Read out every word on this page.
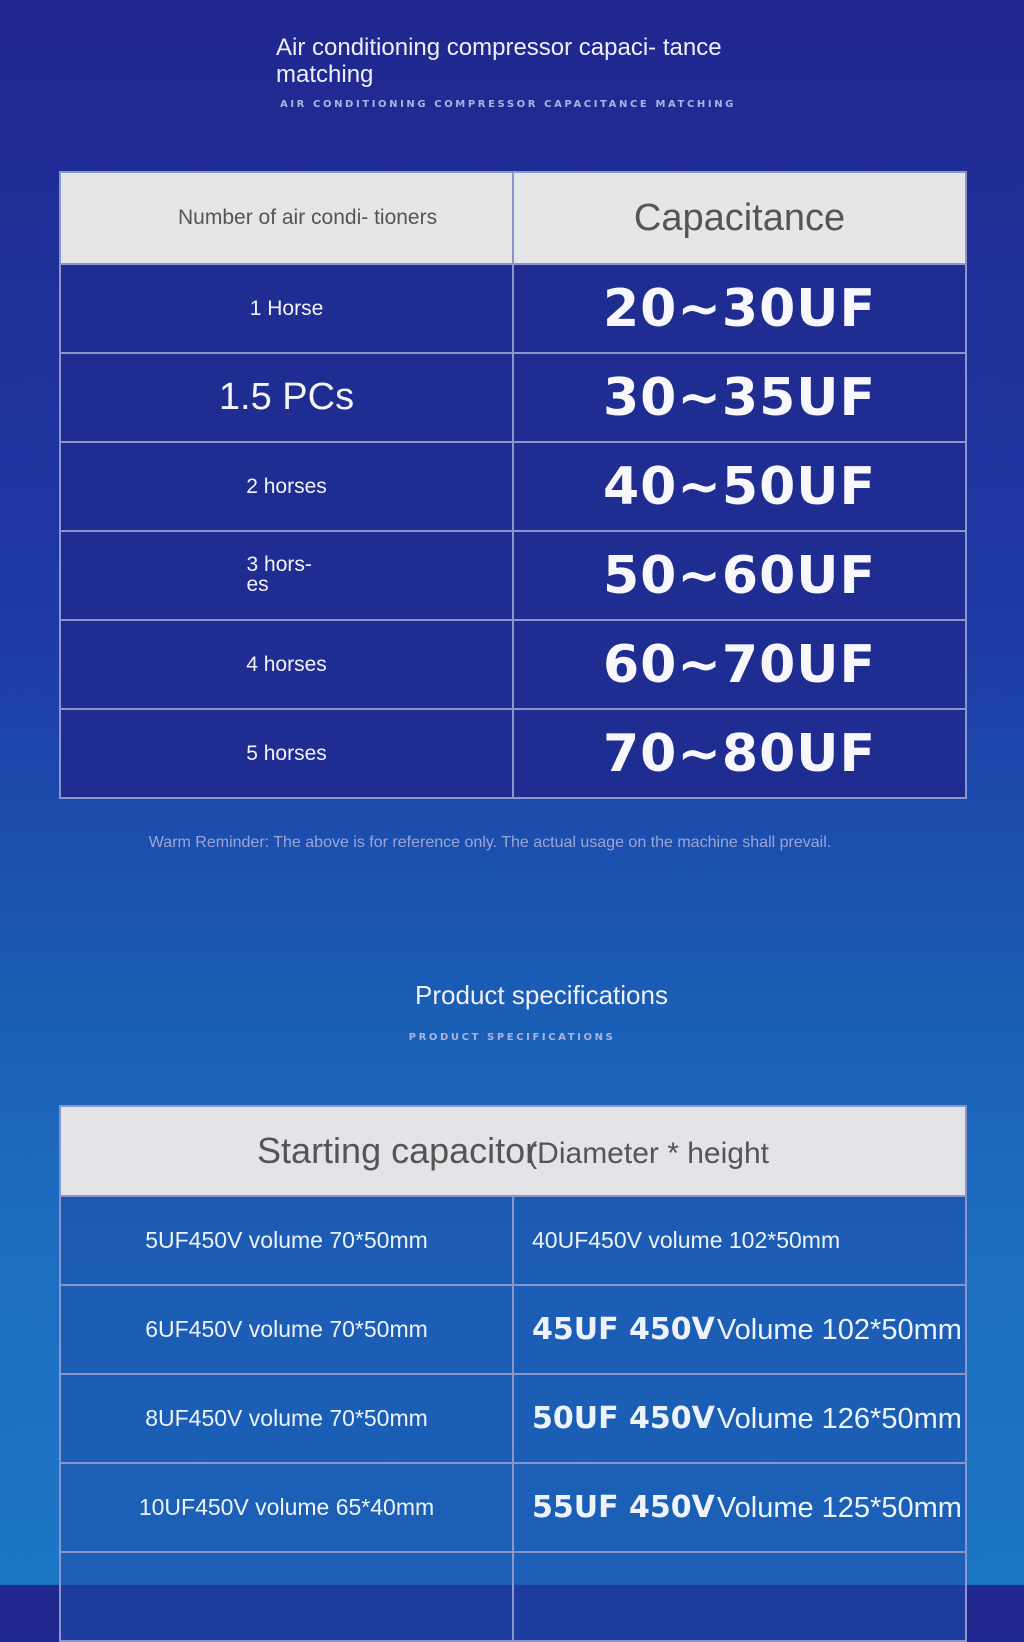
Air conditioning compressor capaci- tance matching
AIR CONDITIONING COMPRESSOR CAPACITANCE MATCHING
Number of air condi- tioners	Capacitance
1 Horse	20~30UF
1.5 PCs	30~35UF
2 horses	40~50UF
3 hors- es	50~60UF
4 horses	60~70UF
5 horses	70~80UF
Warm Reminder: The above is for reference only. The actual usage on the machine shall prevail.
Product specifications
PRODUCT SPECIFICATIONS
Starting capacitor(Diameter * height	
5UF450V volume 70*50mm	40UF450V volume 102*50mm
6UF450V volume 70*50mm	45UF 450VVolume 102*50mm
8UF450V volume 70*50mm	50UF 450VVolume 126*50mm
10UF450V volume 65*40mm	55UF 450VVolume 125*50mm
